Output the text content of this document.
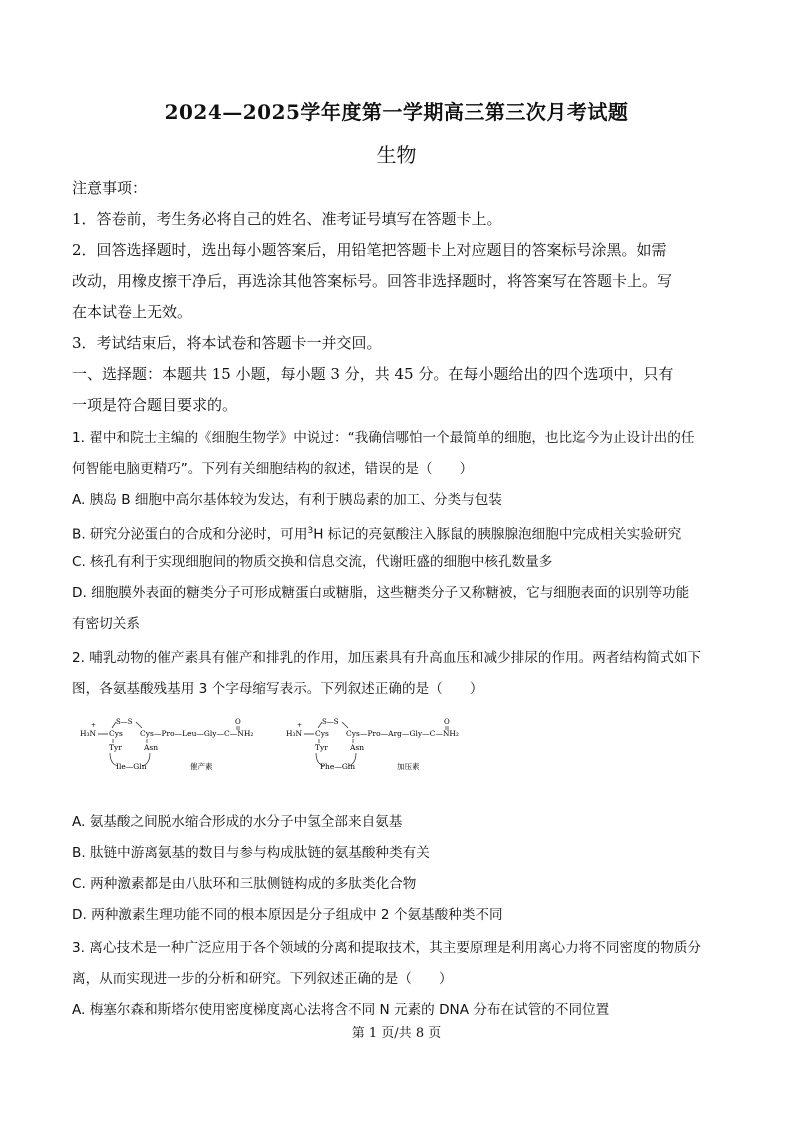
2024—2025学年度第一学期高三第三次月考试题
生物
注意事项：
1．答卷前，考生务必将自己的姓名、准考证号填写在答题卡上。
2．回答选择题时，选出每小题答案后，用铅笔把答题卡上对应题目的答案标号涂黑。如需
改动，用橡皮擦干净后，再选涂其他答案标号。回答非选择题时，将答案写在答题卡上。写
在本试卷上无效。
3．考试结束后，将本试卷和答题卡一并交回。
一、选择题：本题共 15 小题，每小题 3 分，共 45 分。在每小题给出的四个选项中，只有
一项是符合题目要求的。
1. 翟中和院士主编的《细胞生物学》中说过：“我确信哪怕一个最简单的细胞，也比迄今为止设计出的任
何智能电脑更精巧”。下列有关细胞结构的叙述，错误的是（　　）
A. 胰岛 B 细胞中高尔基体较为发达，有利于胰岛素的加工、分类与包装
B. 研究分泌蛋白的合成和分泌时，可用$^3$H 标记的亮氨酸注入豚鼠的胰腺腺泡细胞中完成相关实验研究
C. 核孔有利于实现细胞间的物质交换和信息交流，代谢旺盛的细胞中核孔数量多
D. 细胞膜外表面的糖类分子可形成糖蛋白或糖脂，这些糖类分子又称糖被，它与细胞表面的识别等功能
有密切关系
2. 哺乳动物的催产素具有催产和排乳的作用，加压素具有升高血压和减少排尿的作用。两者结构简式如下
图，各氨基酸残基用 3 个字母缩写表示。下列叙述正确的是（　　）
H₃N
+
Cys
S—S
Cys —Pro—Leu—Gly—C—NH₂
O
Tyr	Asn
Ile—Gln	催产素
H₃N
+
Cys
S—S
Cys —Pro—Arg—Gly—C—NH₂
O
Tyr	Asn
Phe—Gln	加压素
A. 氨基酸之间脱水缩合形成的水分子中氢全部来自氨基
B. 肽链中游离氨基的数目与参与构成肽链的氨基酸种类有关
C. 两种激素都是由八肽环和三肽侧链构成的多肽类化合物
D. 两种激素生理功能不同的根本原因是分子组成中 2 个氨基酸种类不同
3. 离心技术是一种广泛应用于各个领域的分离和提取技术，其主要原理是利用离心力将不同密度的物质分
离，从而实现进一步的分析和研究。下列叙述正确的是（　　）
A. 梅塞尔森和斯塔尔使用密度梯度离心法将含不同 N 元素的 DNA 分布在试管的不同位置
第 1 页/共 8 页
